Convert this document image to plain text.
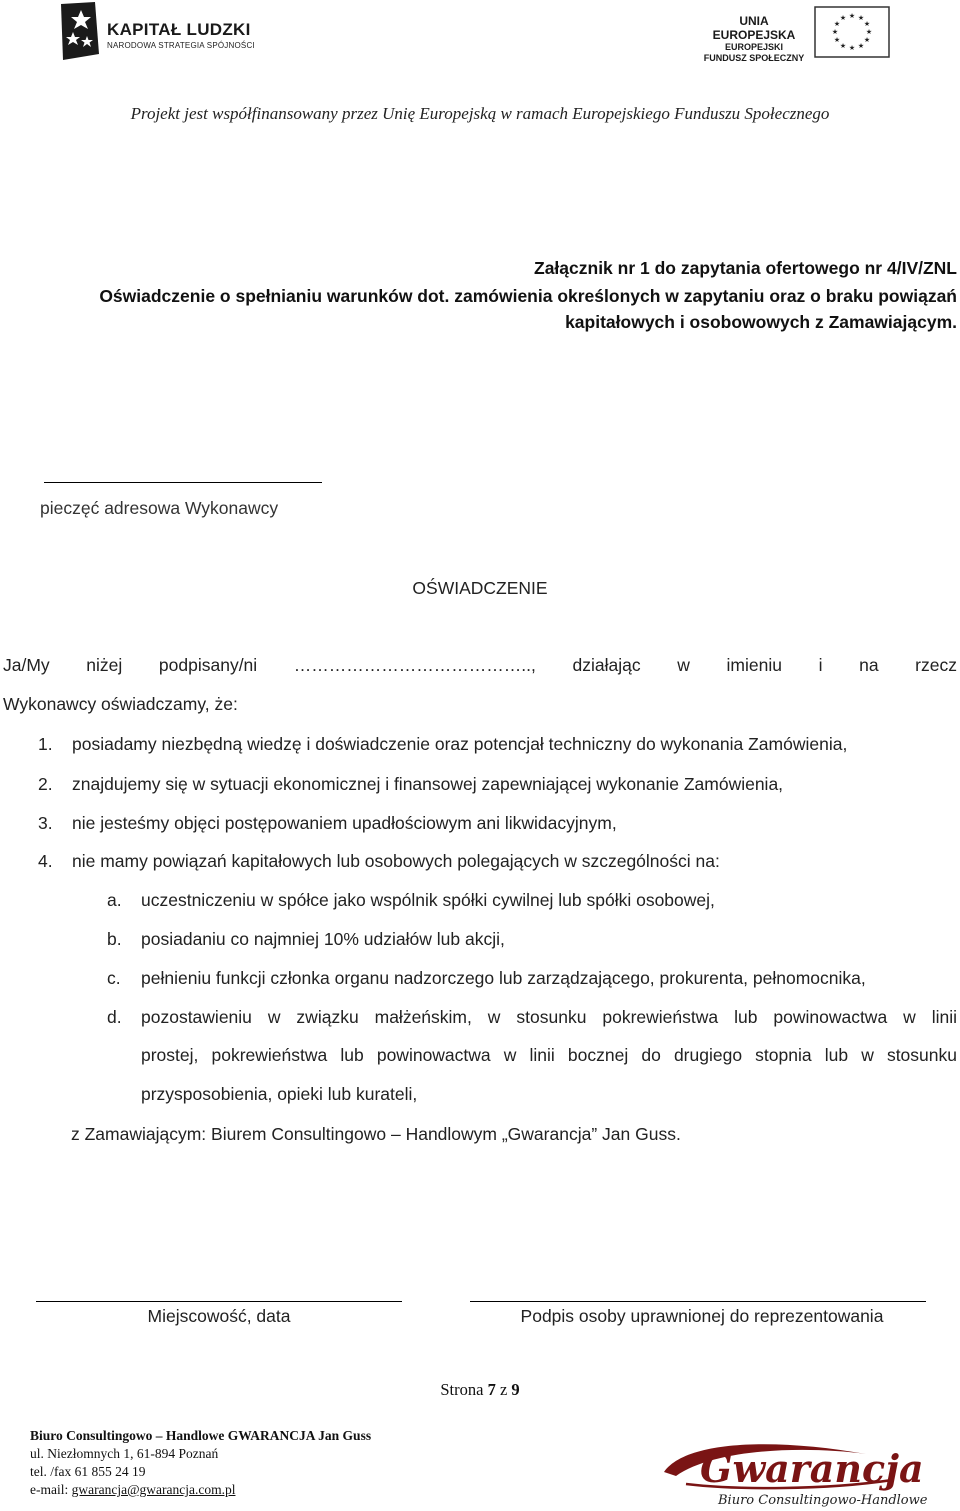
KAPITAŁ LUDZKI
NARODOWA STRATEGIA SPÓJNOŚCI
UNIA EUROPEJSKA
EUROPEJSKI
FUNDUSZ SPOŁECZNY
★ ★
★
★
★
★
★
★
★
★
★
★
Projekt jest współfinansowany przez Unię Europejską w ramach Europejskiego Funduszu Społecznego
Załącznik nr 1 do zapytania ofertowego nr 4/IV/ZNL
Oświadczenie o spełnianiu warunków dot. zamówienia określonych w zapytaniu oraz o braku powiązań
kapitałowych i osobowowych z Zamawiającym.
pieczęć adresowa Wykonawcy
OŚWIADCZENIE
Ja/My niżej podpisany/ni ………………………………….., działając w imieniu i na rzecz
Wykonawcy oświadczamy, że:
1. posiadamy niezbędną wiedzę i doświadczenie oraz potencjał techniczny do wykonania Zamówienia,
2. znajdujemy się w sytuacji ekonomicznej i finansowej zapewniającej wykonanie Zamówienia,
3. nie jesteśmy objęci postępowaniem upadłościowym ani likwidacyjnym,
4. nie mamy powiązań kapitałowych lub osobowych polegających w szczególności na:
a. uczestniczeniu w spółce jako wspólnik spółki cywilnej lub spółki osobowej,
b. posiadaniu co najmniej 10% udziałów lub akcji,
c. pełnieniu funkcji członka organu nadzorczego lub zarządzającego, prokurenta, pełnomocnika,
d. pozostawieniu w związku małżeńskim, w stosunku pokrewieństwa lub powinowactwa w linii
prostej, pokrewieństwa lub powinowactwa w linii bocznej do drugiego stopnia lub w stosunku
przysposobienia, opieki lub kurateli,
z Zamawiającym: Biurem Consultingowo – Handlowym „Gwarancja” Jan Guss.
Miejscowość, data	Podpis osoby uprawnionej do reprezentowania
Strona 7 z 9
Biuro Consultingowo – Handlowe GWARANCJA Jan Guss
ul. Niezłomnych 1, 61-894 Poznań
tel. /fax 61 855 24 19
e-mail: gwarancja@gwarancja.com.pl	Gwarancja
Biuro Consultingowo-Handlowe
